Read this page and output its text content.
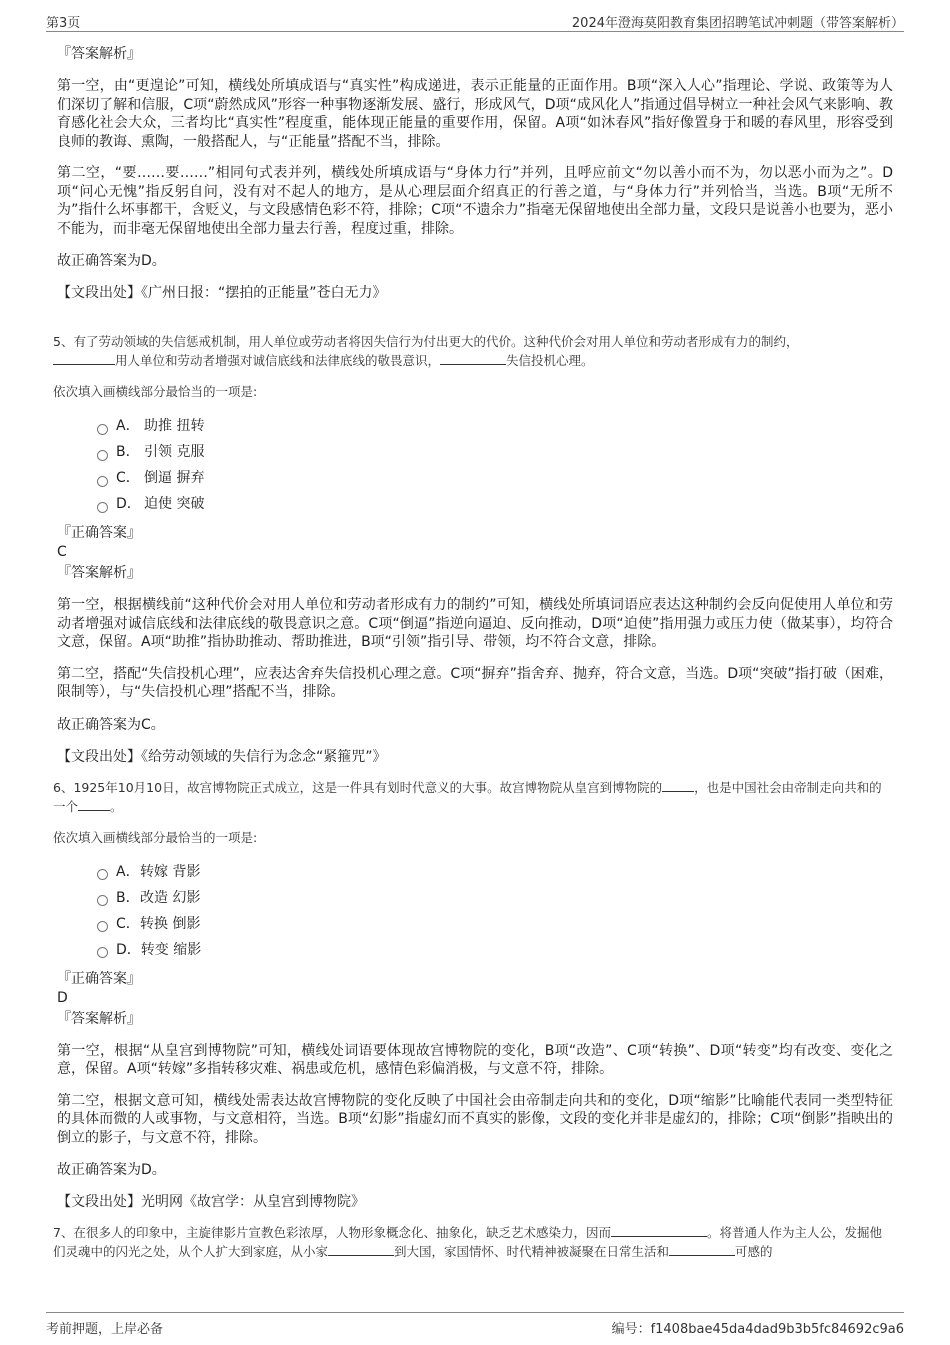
第3页	2024年澄海莫阳教育集团招聘笔试冲刺题（带答案解析）

『答案解析』

第一空，由“更遑论”可知，横线处所填成语与“真实性”构成递进，表示正能量的正面作用。B项“深入人心”指理论、学说、政策等为人们深切了解和信服，C项“蔚然成风”形容一种事物逐渐发展、盛行，形成风气，D项“成风化人”指通过倡导树立一种社会风气来影响、教育感化社会大众，三者均比“真实性”程度重，能体现正能量的重要作用，保留。A项“如沐春风”指好像置身于和暖的春风里，形容受到良师的教诲、熏陶，一般搭配人，与“正能量”搭配不当，排除。

第二空，“要……要……”相同句式表并列，横线处所填成语与“身体力行”并列，且呼应前文“勿以善小而不为，勿以恶小而为之”。D项“问心无愧”指反躬自问，没有对不起人的地方，是从心理层面介绍真正的行善之道，与“身体力行”并列恰当，当选。B项“无所不为”指什么坏事都干，含贬义，与文段感情色彩不符，排除；C项“不遗余力”指毫无保留地使出全部力量，文段只是说善小也要为，恶小不能为，而非毫无保留地使出全部力量去行善，程度过重，排除。

故正确答案为D。

【文段出处】《广州日报：“摆拍的正能量”苍白无力》

5、有了劳动领域的失信惩戒机制，用人单位或劳动者将因失信行为付出更大的代价。这种代价会对用人单位和劳动者形成有力的制约，
用人单位和劳动者增强对诚信底线和法律底线的敬畏意识，	失信投机心理。

依次填入画横线部分最恰当的一项是:

A． 助推 扭转
B． 引领 克服
C． 倒逼 摒弃
D． 迫使 突破

『正确答案』

C

『答案解析』

第一空，根据横线前“这种代价会对用人单位和劳动者形成有力的制约”可知，横线处所填词语应表达这种制约会反向促使用人单位和劳动者增强对诚信底线和法律底线的敬畏意识之意。C项“倒逼”指逆向逼迫、反向推动，D项“迫使”指用强力或压力使（做某事），均符合文意，保留。A项“助推”指协助推动、帮助推进，B项“引领”指引导、带领，均不符合文意，排除。

第二空，搭配“失信投机心理”，应表达舍弃失信投机心理之意。C项“摒弃”指舍弃、抛弃，符合文意，当选。D项“突破”指打破（困难，限制等），与“失信投机心理”搭配不当，排除。

故正确答案为C。

【文段出处】《给劳动领域的失信行为念念“紧箍咒”》

6、1925年10月10日，故宫博物院正式成立，这是一件具有划时代意义的大事。故宫博物院从皇宫到博物院的	，也是中国社会由帝制走向共和的一个	。

依次填入画横线部分最恰当的一项是:

A． 转嫁 背影
B． 改造 幻影
C． 转换 倒影
D． 转变 缩影

『正确答案』

D

『答案解析』

第一空，根据“从皇宫到博物院”可知，横线处词语要体现故宫博物院的变化，B项“改造”、C项“转换”、D项“转变”均有改变、变化之意，保留。A项“转嫁”多指转移灾难、祸患或危机，感情色彩偏消极，与文意不符，排除。

第二空，根据文意可知，横线处需表达故宫博物院的变化反映了中国社会由帝制走向共和的变化，D项“缩影”比喻能代表同一类型特征的具体而微的人或事物，与文意相符，当选。B项“幻影”指虚幻而不真实的影像，文段的变化并非是虚幻的，排除；C项“倒影”指映出的倒立的影子，与文意不符，排除。

故正确答案为D。

【文段出处】光明网《故宫学：从皇宫到博物院》

7、在很多人的印象中，主旋律影片宣教色彩浓厚，人物形象概念化、抽象化，缺乏艺术感染力，因而	。将普通人作为主人公，发掘他们灵魂中的闪光之处，从个人扩大到家庭，从小家	到大国，家国情怀、时代精神被凝聚在日常生活和	可感的

考前押题，上岸必备	编号：f1408bae45da4dad9b3b5fc84692c9a6
